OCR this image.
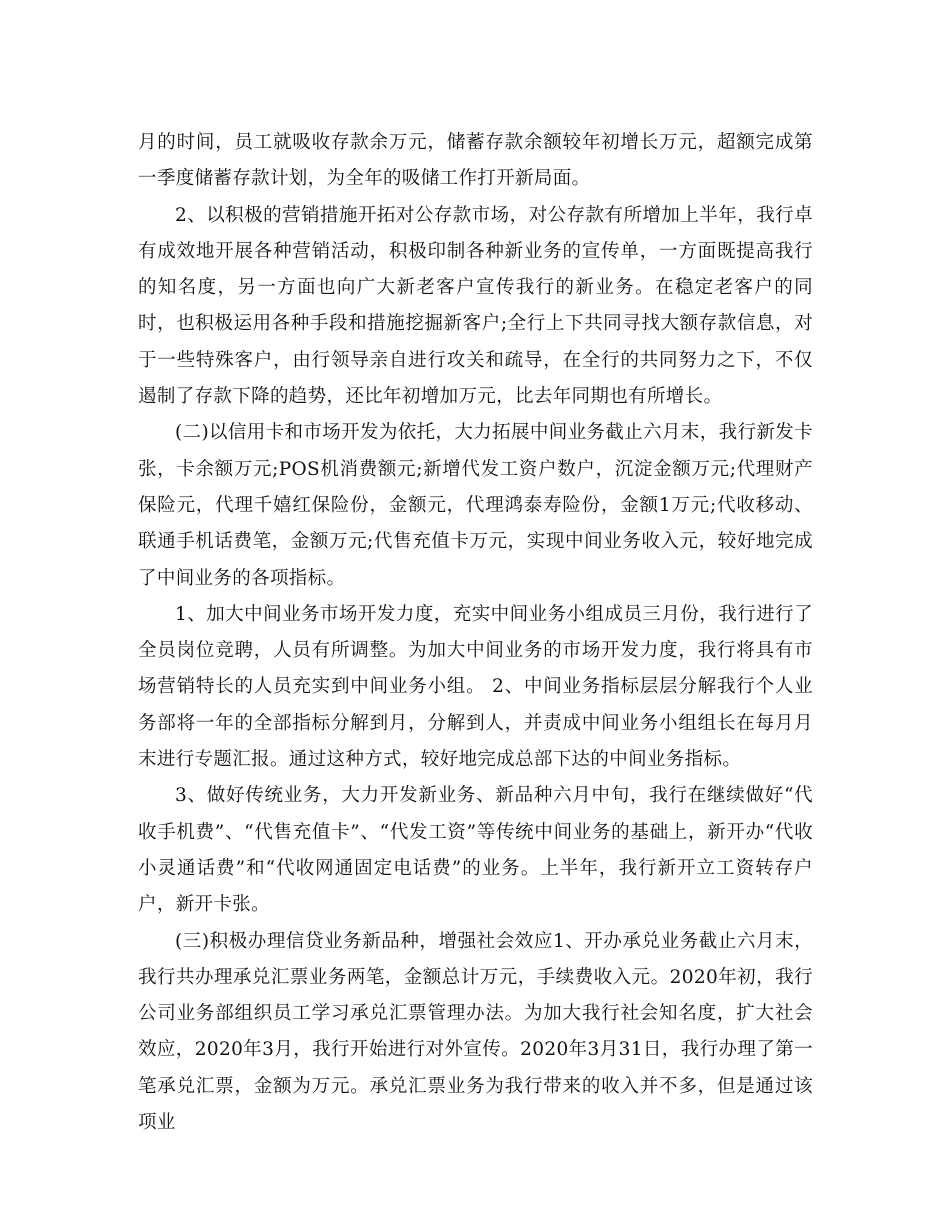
月的时间，员工就吸收存款余万元，储蓄存款余额较年初增长万元，超额完成第一季度储蓄存款计划，为全年的吸储工作打开新局面。

2、以积极的营销措施开拓对公存款市场，对公存款有所增加上半年，我行卓有成效地开展各种营销活动，积极印制各种新业务的宣传单，一方面既提高我行的知名度，另一方面也向广大新老客户宣传我行的新业务。在稳定老客户的同时，也积极运用各种手段和措施挖掘新客户;全行上下共同寻找大额存款信息，对于一些特殊客户，由行领导亲自进行攻关和疏导，在全行的共同努力之下，不仅遏制了存款下降的趋势，还比年初增加万元，比去年同期也有所增长。

(二)以信用卡和市场开发为依托，大力拓展中间业务截止六月末，我行新发卡张，卡余额万元;POS机消费额元;新增代发工资户数户，沉淀金额万元;代理财产保险元，代理千嬉红保险份，金额元，代理鸿泰寿险份，金额1万元;代收移动、联通手机话费笔，金额万元;代售充值卡万元，实现中间业务收入元，较好地完成了中间业务的各项指标。

1、加大中间业务市场开发力度，充实中间业务小组成员三月份，我行进行了全员岗位竞聘，人员有所调整。为加大中间业务的市场开发力度，我行将具有市场营销特长的人员充实到中间业务小组。 2、中间业务指标层层分解我行个人业务部将一年的全部指标分解到月，分解到人，并责成中间业务小组组长在每月月末进行专题汇报。通过这种方式，较好地完成总部下达的中间业务指标。

3、做好传统业务，大力开发新业务、新品种六月中旬，我行在继续做好“代收手机费”、“代售充值卡”、“代发工资”等传统中间业务的基础上，新开办“代收小灵通话费”和“代收网通固定电话费”的业务。上半年，我行新开立工资转存户户，新开卡张。

(三)积极办理信贷业务新品种，增强社会效应1、开办承兑业务截止六月末，我行共办理承兑汇票业务两笔，金额总计万元，手续费收入元。2020年初，我行公司业务部组织员工学习承兑汇票管理办法。为加大我行社会知名度，扩大社会效应，2020年3月，我行开始进行对外宣传。2020年3月31日，我行办理了第一笔承兑汇票，金额为万元。承兑汇票业务为我行带来的收入并不多，但是通过该项业
